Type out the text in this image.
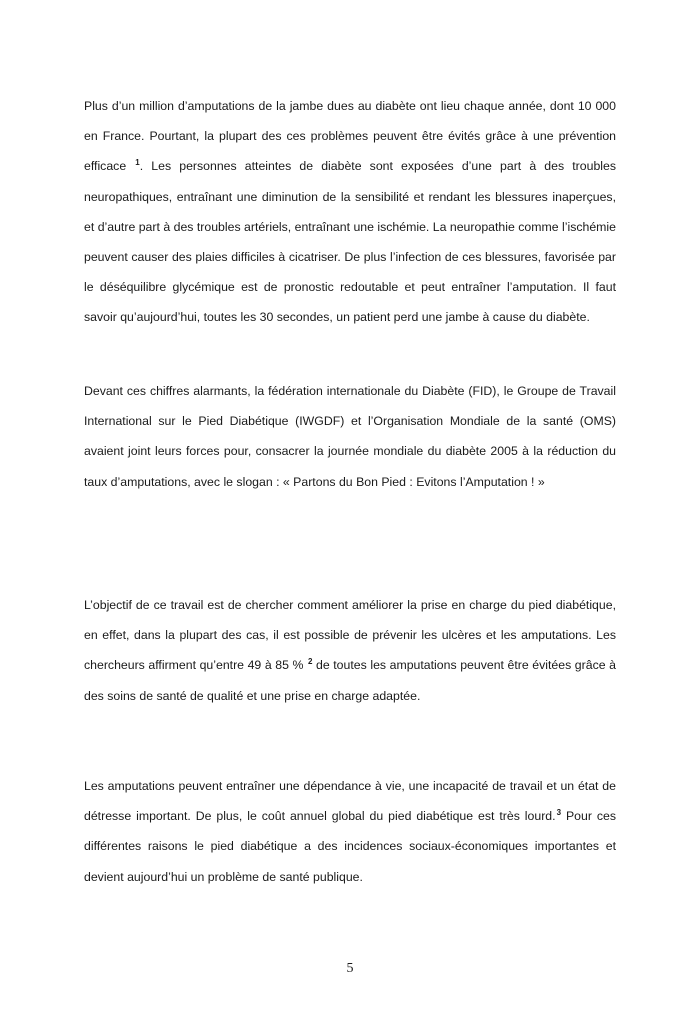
Plus d’un million d’amputations de la jambe dues au diabète ont lieu chaque année, dont 10 000 en France. Pourtant, la plupart des ces problèmes peuvent être évités grâce à une prévention efficace $^1$. Les personnes atteintes de diabète sont exposées d’une part à des troubles neuropathiques, entraînant une diminution de la sensibilité et rendant les blessures inaperçues, et d’autre part à des troubles artériels, entraînant une ischémie. La neuropathie comme l’ischémie peuvent causer des plaies difficiles à cicatriser. De plus l’infection de ces blessures, favorisée par le déséquilibre glycémique est de pronostic redoutable et peut entraîner l’amputation. Il faut savoir qu’aujourd’hui, toutes les 30 secondes, un patient perd une jambe à cause du diabète.

Devant ces chiffres alarmants, la fédération internationale du Diabète (FID), le Groupe de Travail International sur le Pied Diabétique (IWGDF) et l’Organisation Mondiale de la santé (OMS) avaient joint leurs forces pour, consacrer la journée mondiale du diabète 2005 à la réduction du taux d’amputations, avec le slogan : « Partons du Bon Pied : Evitons l’Amputation ! »

L’objectif de ce travail est de chercher comment améliorer la prise en charge du pied diabétique, en effet, dans la plupart des cas, il est possible de prévenir les ulcères et les amputations. Les chercheurs affirment qu’entre 49 à 85 % $^2$ de toutes les amputations peuvent être évitées grâce à des soins de santé de qualité et une prise en charge adaptée.

Les amputations peuvent entraîner une dépendance à vie, une incapacité de travail et un état de détresse important. De plus, le coût annuel global du pied diabétique est très lourd.$^3$ Pour ces différentes raisons le pied diabétique a des incidences sociaux-économiques importantes et devient aujourd’hui un problème de santé publique.

5
